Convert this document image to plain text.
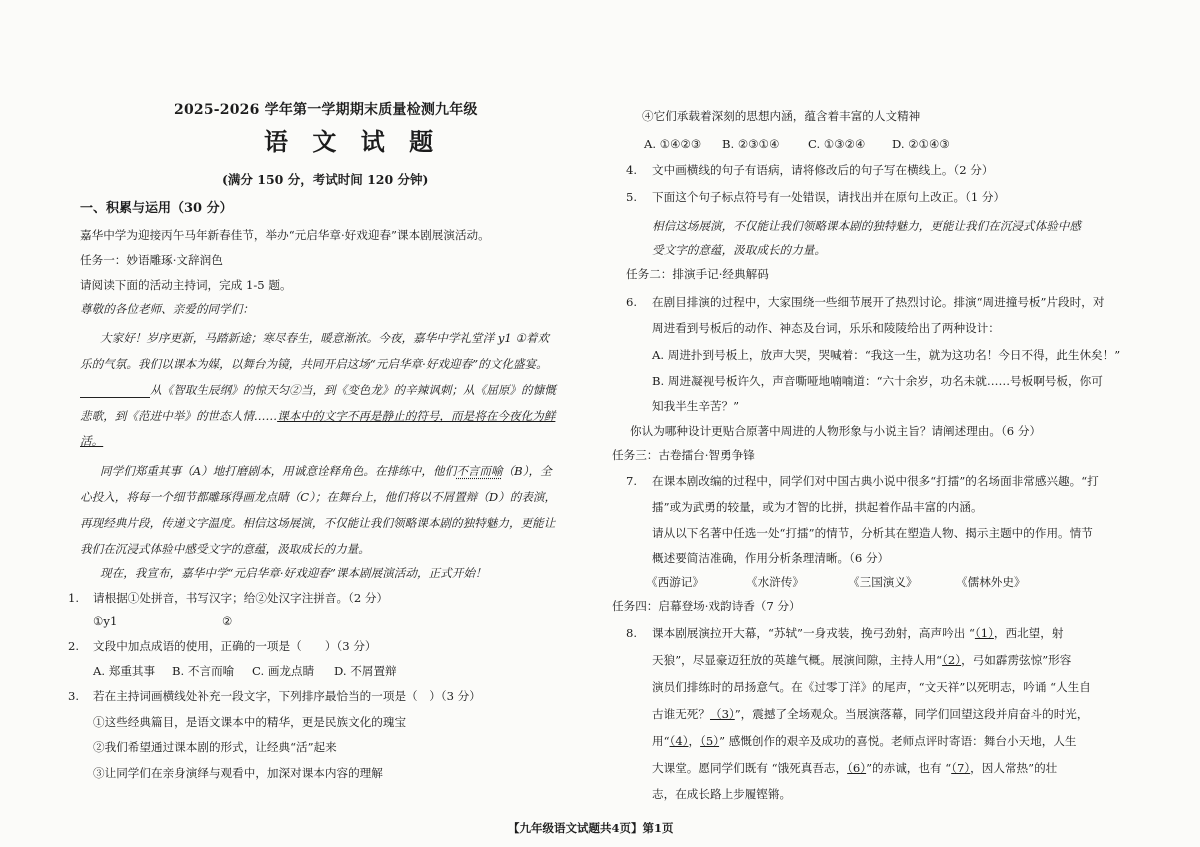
2025-2026 学年第一学期期末质量检测九年级
语 文 试 题
(满分 150 分，考试时间 120 分钟)
一、积累与运用（30 分）
嘉华中学为迎接丙午马年新春佳节，举办“元启华章·好戏迎春”课本剧展演活动。
任务一：妙语雕琢·文辞润色
请阅读下面的活动主持词，完成 1-5 题。
尊敬的各位老师、亲爱的同学们：
大家好！岁序更新，马踏新途；寒尽春生，暖意渐浓。今夜，嘉华中学礼堂洋 y1 ①着欢
乐的气氛。我们以课本为媒，以舞台为镜，共同开启这场“元启华章·好戏迎春”的文化盛宴。
从《智取生辰纲》的惊天匀②当，到《变色龙》的辛辣讽刺；从《屈原》的慷慨
悲歌，到《范进中举》的世态人情……课本中的文字不再是静止的符号，而是将在今夜化为鲜
活。
同学们郑重其事（A）地打磨剧本，用诚意诠释角色。在排练中，他们不言而喻（B），全
心投入，将每一个细节都雕琢得画龙点睛（C）；在舞台上，他们将以不屑置辩（D）的表演，
再现经典片段，传递文字温度。相信这场展演，不仅能让我们领略课本剧的独特魅力，更能让
我们在沉浸式体验中感受文字的意蕴，汲取成长的力量。
现在，我宣布，嘉华中学“元启华章·好戏迎春”课本剧展演活动，正式开始！
1. 请根据①处拼音，书写汉字；给②处汉字注拼音。（2 分）
①y1	②
2. 文段中加点成语的使用，正确的一项是（　　）（3 分）
A. 郑重其事 B. 不言而喻 C. 画龙点睛 D. 不屑置辩
3. 若在主持词画横线处补充一段文字，下列排序最恰当的一项是（　）（3 分）
①这些经典篇目，是语文课本中的精华，更是民族文化的瑰宝
②我们希望通过课本剧的形式，让经典“活”起来
③让同学们在亲身演绎与观看中，加深对课本内容的理解
④它们承载着深刻的思想内涵，蕴含着丰富的人文精神
A. ①④②③ B. ②③①④ C. ①③②④ D. ②①④③
4. 文中画横线的句子有语病，请将修改后的句子写在横线上。（2 分）
5. 下面这个句子标点符号有一处错误，请找出并在原句上改正。（1 分）
相信这场展演，不仅能让我们领略课本剧的独特魅力，更能让我们在沉浸式体验中感
受文字的意蕴，汲取成长的力量。
任务二：排演手记·经典解码
6. 在剧目排演的过程中，大家围绕一些细节展开了热烈讨论。排演“周进撞号板”片段时，对
周进看到号板后的动作、神态及台词，乐乐和陵陵给出了两种设计：
A. 周进扑到号板上，放声大哭，哭喊着：“我这一生，就为这功名！今日不得，此生休矣！”
B. 周进凝视号板许久，声音嘶哑地喃喃道：“六十余岁，功名未就……号板啊号板，你可
知我半生辛苦？”
你认为哪种设计更贴合原著中周进的人物形象与小说主旨？请阐述理由。（6 分）
任务三：古卷擂台·智勇争锋
7. 在课本剧改编的过程中，同学们对中国古典小说中很多“打擂”的名场面非常感兴趣。“打
擂”或为武勇的较量，或为才智的比拼，拱起着作品丰富的内涵。
请从以下名著中任选一处“打擂”的情节，分析其在塑造人物、揭示主题中的作用。情节
概述要简洁准确，作用分析条理清晰。（6 分）
《西游记》	《水浒传》	《三国演义》	《儒林外史》
任务四：启幕登场·戏韵诗香（7 分）
8. 课本剧展演拉开大幕，“苏轼”一身戎装，挽弓劲射，高声吟出 “（1），西北望，射
天狼”，尽显豪迈狂放的英雄气概。展演间隙，主持人用“（2），弓如霹雳弦惊”形容
演员们排练时的昂扬意气。在《过零丁洋》的尾声，“文天祥”以死明志，吟诵 “人生自
古谁无死？（3）”，震撼了全场观众。当展演落幕，同学们回望这段并肩奋斗的时光，
用“（4），（5）” 感慨创作的艰辛及成功的喜悦。老师点评时寄语：舞台小天地，人生
大课堂。愿同学们既有 “饿死真吾志，（6）”的赤诚，也有 “（7），因人常热”的壮
志，在成长路上步履铿锵。
【九年级语文试题共4页】第1页
